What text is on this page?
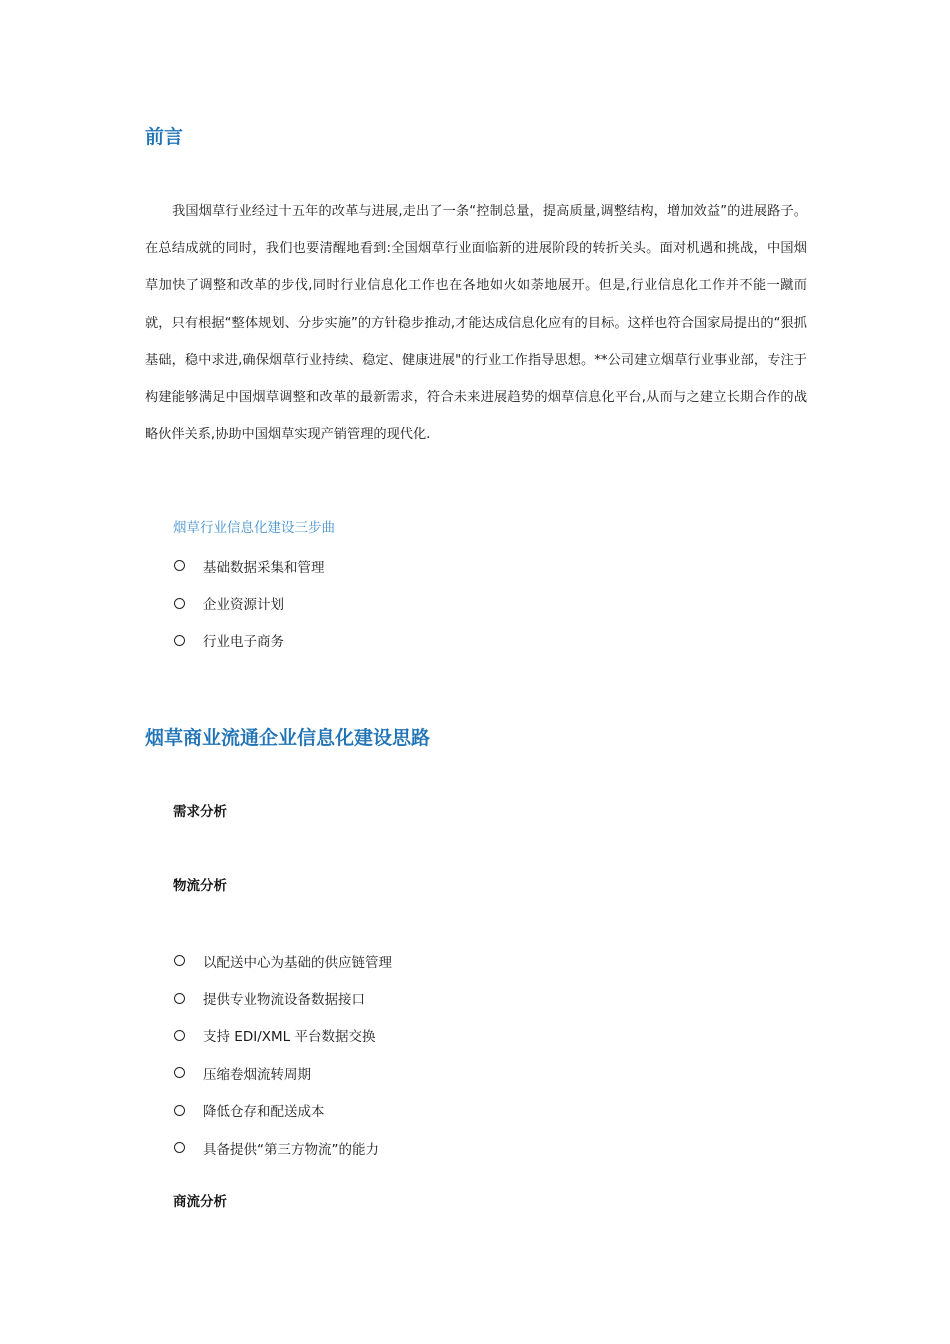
前言

我国烟草行业经过十五年的改革与进展,走出了一条“控制总量，提高质量,调整结构，增加效益”的进展路子。在总结成就的同时，我们也要清醒地看到:全国烟草行业面临新的进展阶段的转折关头。面对机遇和挑战，中国烟草加快了调整和改革的步伐,同时行业信息化工作也在各地如火如荼地展开。但是,行业信息化工作并不能一蹴而就，只有根据“整体规划、分步实施”的方针稳步推动,才能达成信息化应有的目标。这样也符合国家局提出的“狠抓基础，稳中求进,确保烟草行业持续、稳定、健康进展"的行业工作指导思想。**公司建立烟草行业事业部，专注于构建能够满足中国烟草调整和改革的最新需求，符合未来进展趋势的烟草信息化平台,从而与之建立长期合作的战略伙伴关系,协助中国烟草实现产销管理的现代化.

烟草行业信息化建设三步曲

基础数据采集和管理
企业资源计划
行业电子商务
烟草商业流通企业信息化建设思路

需求分析

物流分析

以配送中心为基础的供应链管理
提供专业物流设备数据接口
支持 EDI/XML 平台数据交换
压缩卷烟流转周期
降低仓存和配送成本
具备提供“第三方物流”的能力

商流分析
